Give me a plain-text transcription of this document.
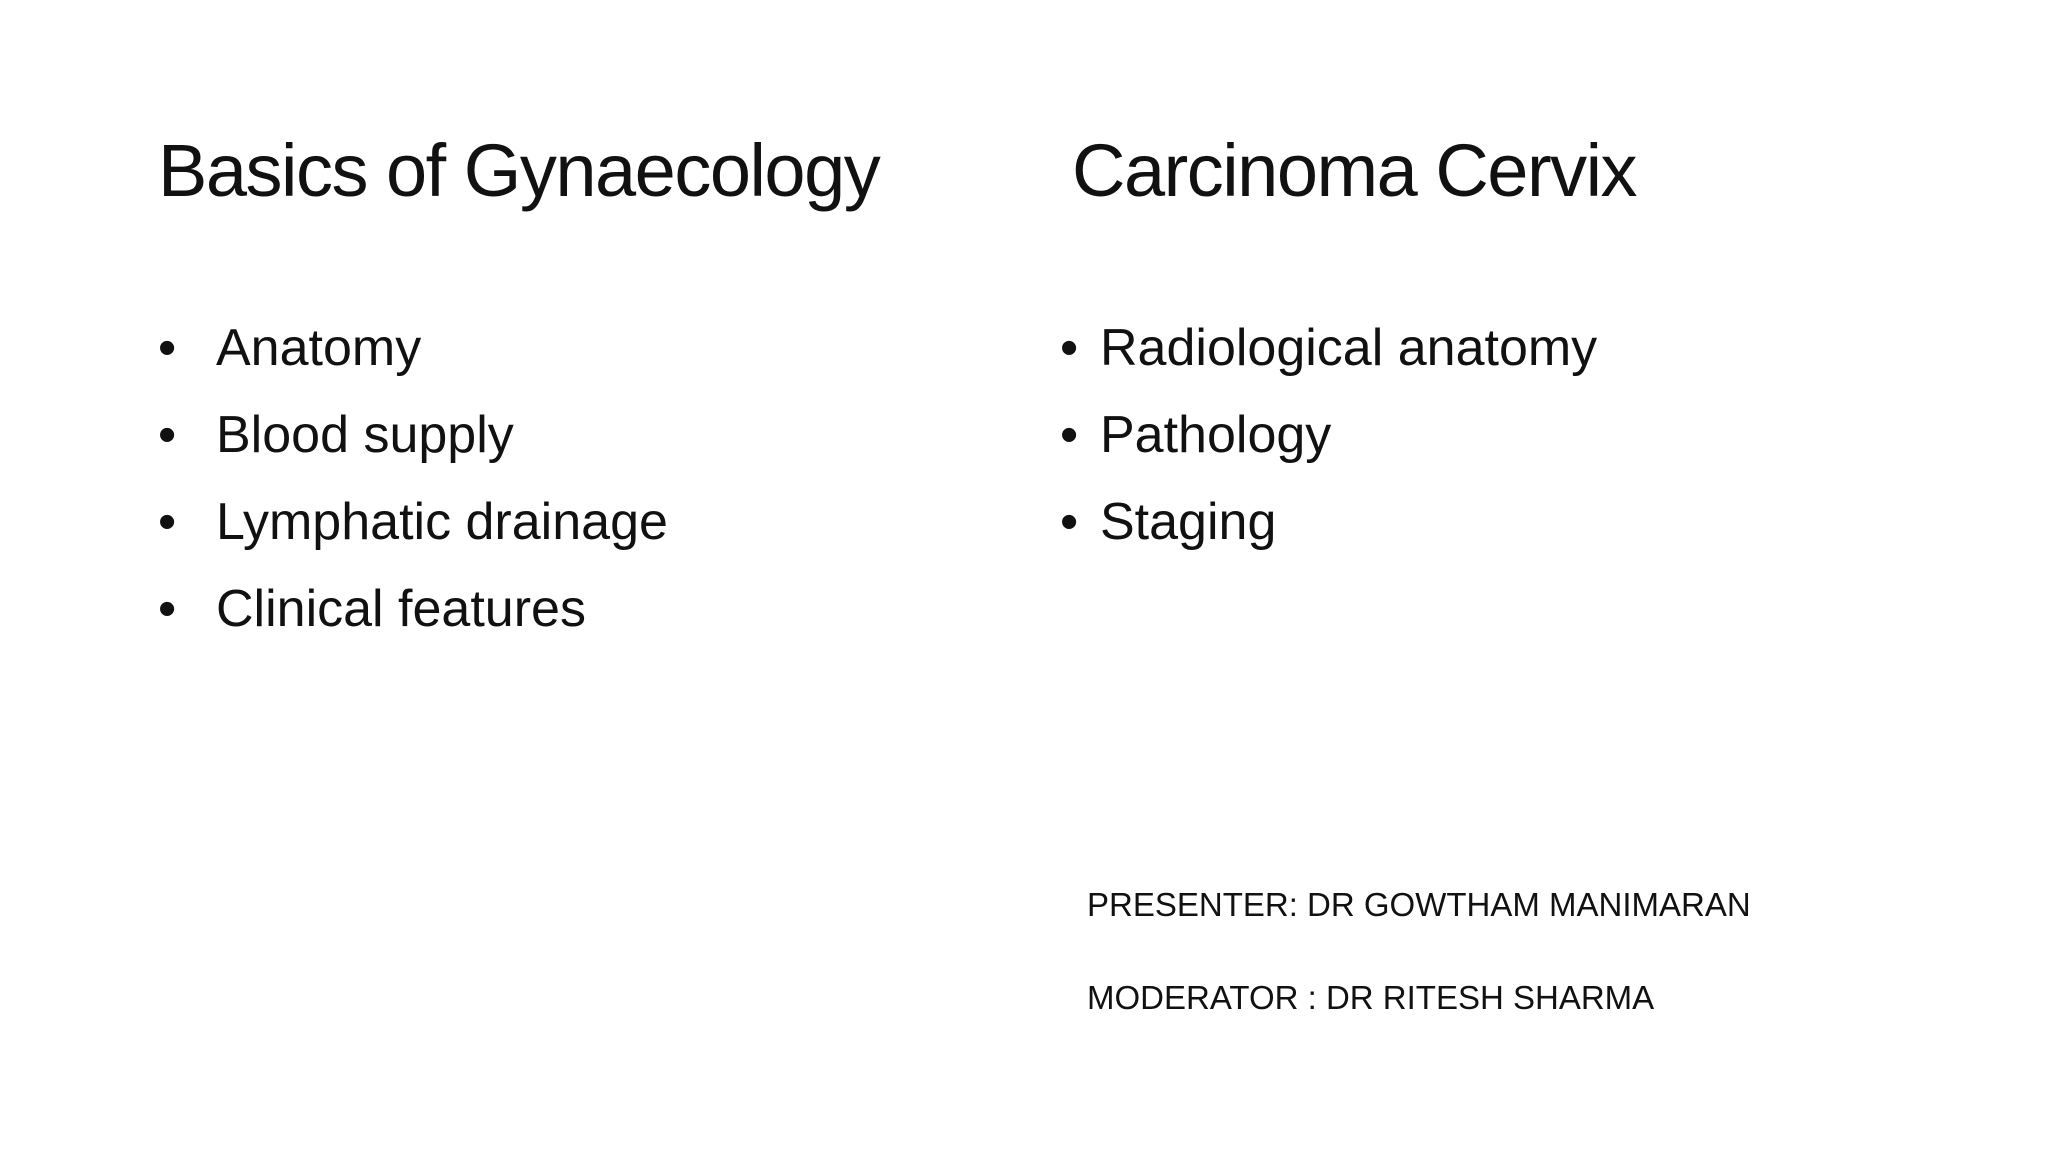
Basics of Gynaecology
• Anatomy
• Blood supply
• Lymphatic drainage
• Clinical features
Carcinoma Cervix
• Radiological anatomy
• Pathology
• Staging
PRESENTER: DR GOWTHAM MANIMARAN
MODERATOR : DR RITESH SHARMA
